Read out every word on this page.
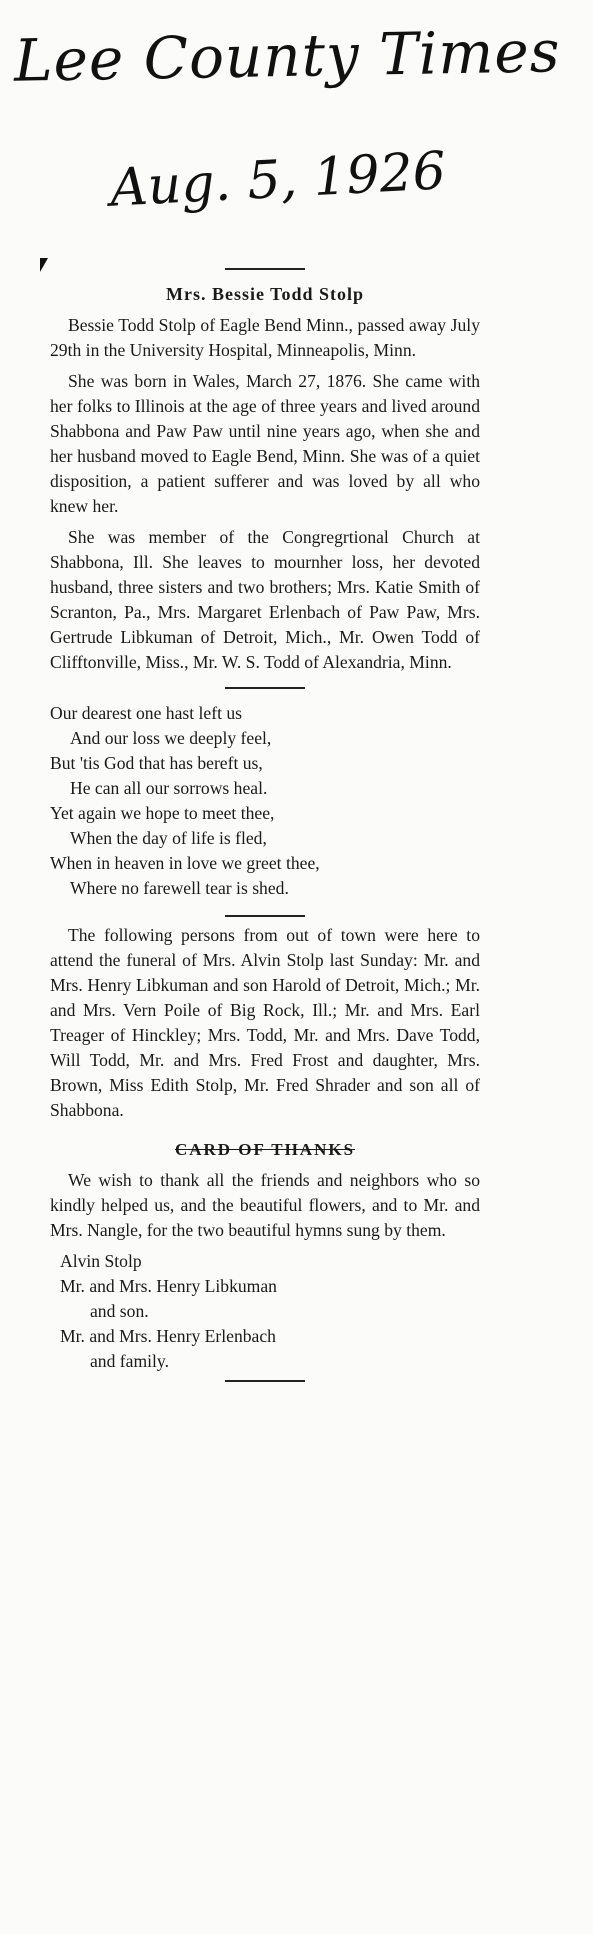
Lee County Times
Aug. 5, 1926
Mrs. Bessie Todd Stolp

Bessie Todd Stolp of Eagle Bend Minn., passed away July 29th in the University Hospital, Minneapolis, Minn.

She was born in Wales, March 27, 1876. She came with her folks to Illinois at the age of three years and lived around Shabbona and Paw Paw until nine years ago, when she and her husband moved to Eagle Bend, Minn. She was of a quiet disposition, a patient sufferer and was loved by all who knew her.

She was member of the Congregrtional Church at Shabbona, Ill. She leaves to mournher loss, her devoted husband, three sisters and two brothers; Mrs. Katie Smith of Scranton, Pa., Mrs. Margaret Erlenbach of Paw Paw, Mrs. Gertrude Libkuman of Detroit, Mich., Mr. Owen Todd of Clifftonville, Miss., Mr. W. S. Todd of Alexandria, Minn.

Our dearest one hast left us
And our loss we deeply feel,
But 'tis God that has bereft us,
He can all our sorrows heal.
Yet again we hope to meet thee,
When the day of life is fled,
When in heaven in love we greet thee,
Where no farewell tear is shed.

The following persons from out of town were here to attend the funeral of Mrs. Alvin Stolp last Sunday: Mr. and Mrs. Henry Libkuman and son Harold of Detroit, Mich.; Mr. and Mrs. Vern Poile of Big Rock, Ill.; Mr. and Mrs. Earl Treager of Hinckley; Mrs. Todd, Mr. and Mrs. Dave Todd, Will Todd, Mr. and Mrs. Fred Frost and daughter, Mrs. Brown, Miss Edith Stolp, Mr. Fred Shrader and son all of Shabbona.

CARD OF THANKS

We wish to thank all the friends and neighbors who so kindly helped us, and the beautiful flowers, and to Mr. and Mrs. Nangle, for the two beautiful hymns sung by them.

Alvin Stolp
Mr. and Mrs. Henry Libkuman
and son.
Mr. and Mrs. Henry Erlenbach
and family.
